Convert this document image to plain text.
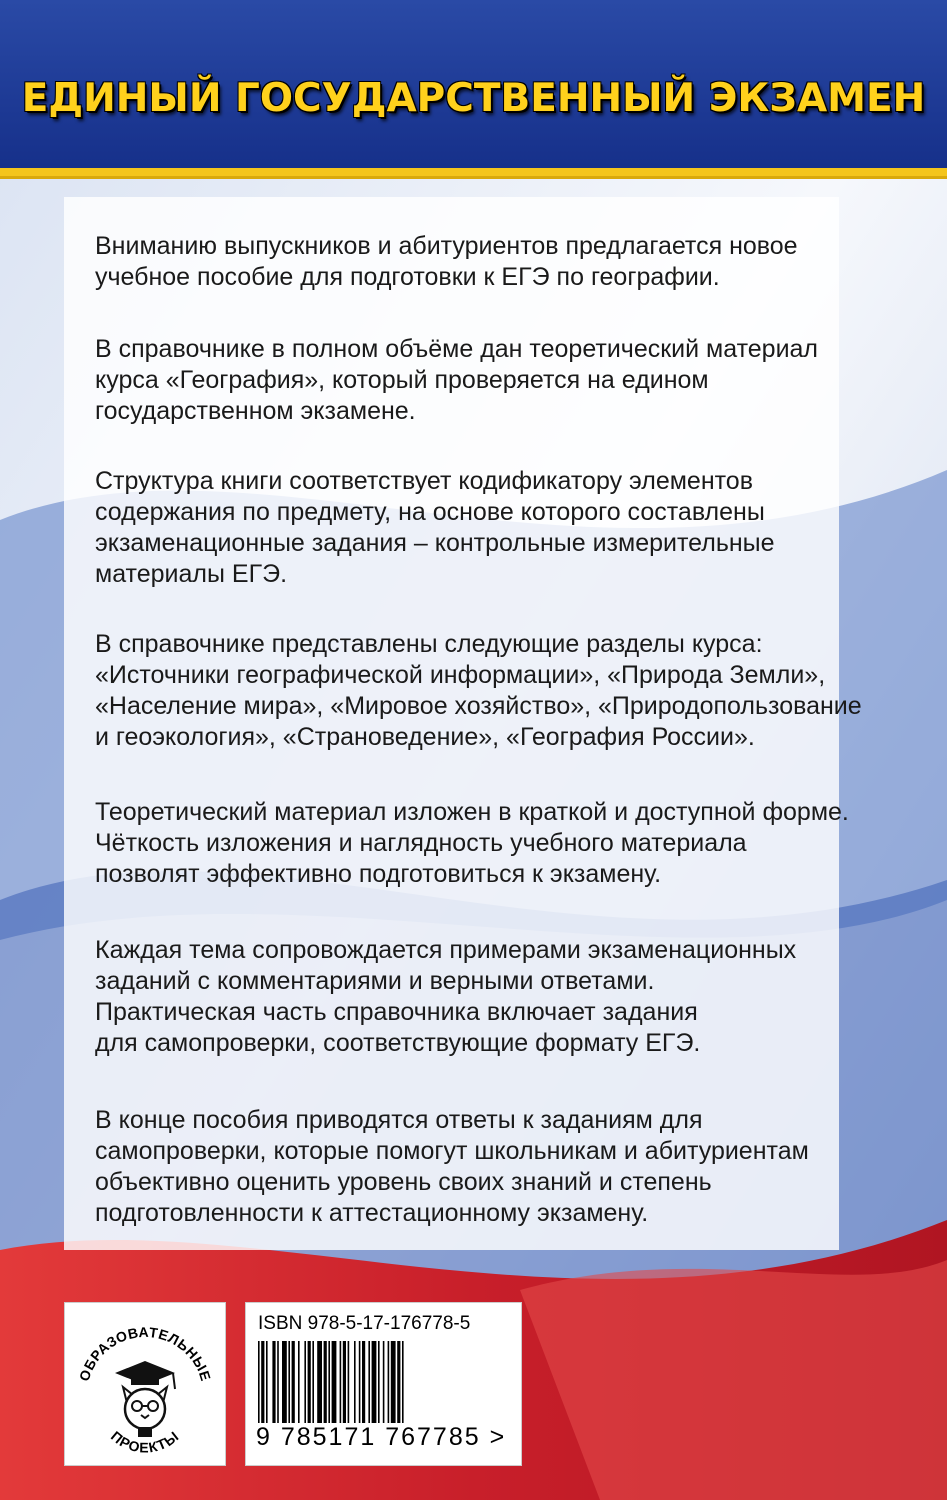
ЕДИНЫЙ ГОСУДАРСТВЕННЫЙ ЭКЗАМЕН
Вниманию выпускников и абитуриентов предлагается новое
учебное пособие для подготовки к ЕГЭ по географии.
В справочнике в полном объёме дан теоретический материал
курса «География», который проверяется на едином
государственном экзамене.
Структура книги соответствует кодификатору элементов
содержания по предмету, на основе которого составлены
экзаменационные задания – контрольные измерительные
материалы ЕГЭ.
В справочнике представлены следующие разделы курса:
«Источники географической информации», «Природа Земли»,
«Население мира», «Мировое хозяйство», «Природопользование
и геоэкология», «Страноведение», «География России».
Теоретический материал изложен в краткой и доступной форме.
Чёткость изложения и наглядность учебного материала
позволят эффективно подготовиться к экзамену.
Каждая тема сопровождается примерами экзаменационных
заданий с комментариями и верными ответами.
Практическая часть справочника включает задания
для самопроверки, соответствующие формату ЕГЭ.
В конце пособия приводятся ответы к заданиям для
самопроверки, которые помогут школьникам и абитуриентам
объективно оценить уровень своих знаний и степень
подготовленности к аттестационному экзамену.
ОБРАЗОВАТЕЛЬНЫЕ
ПРОЕКТЫ
ISBN 978-5-17-176778-5
9 785171 767785 >
